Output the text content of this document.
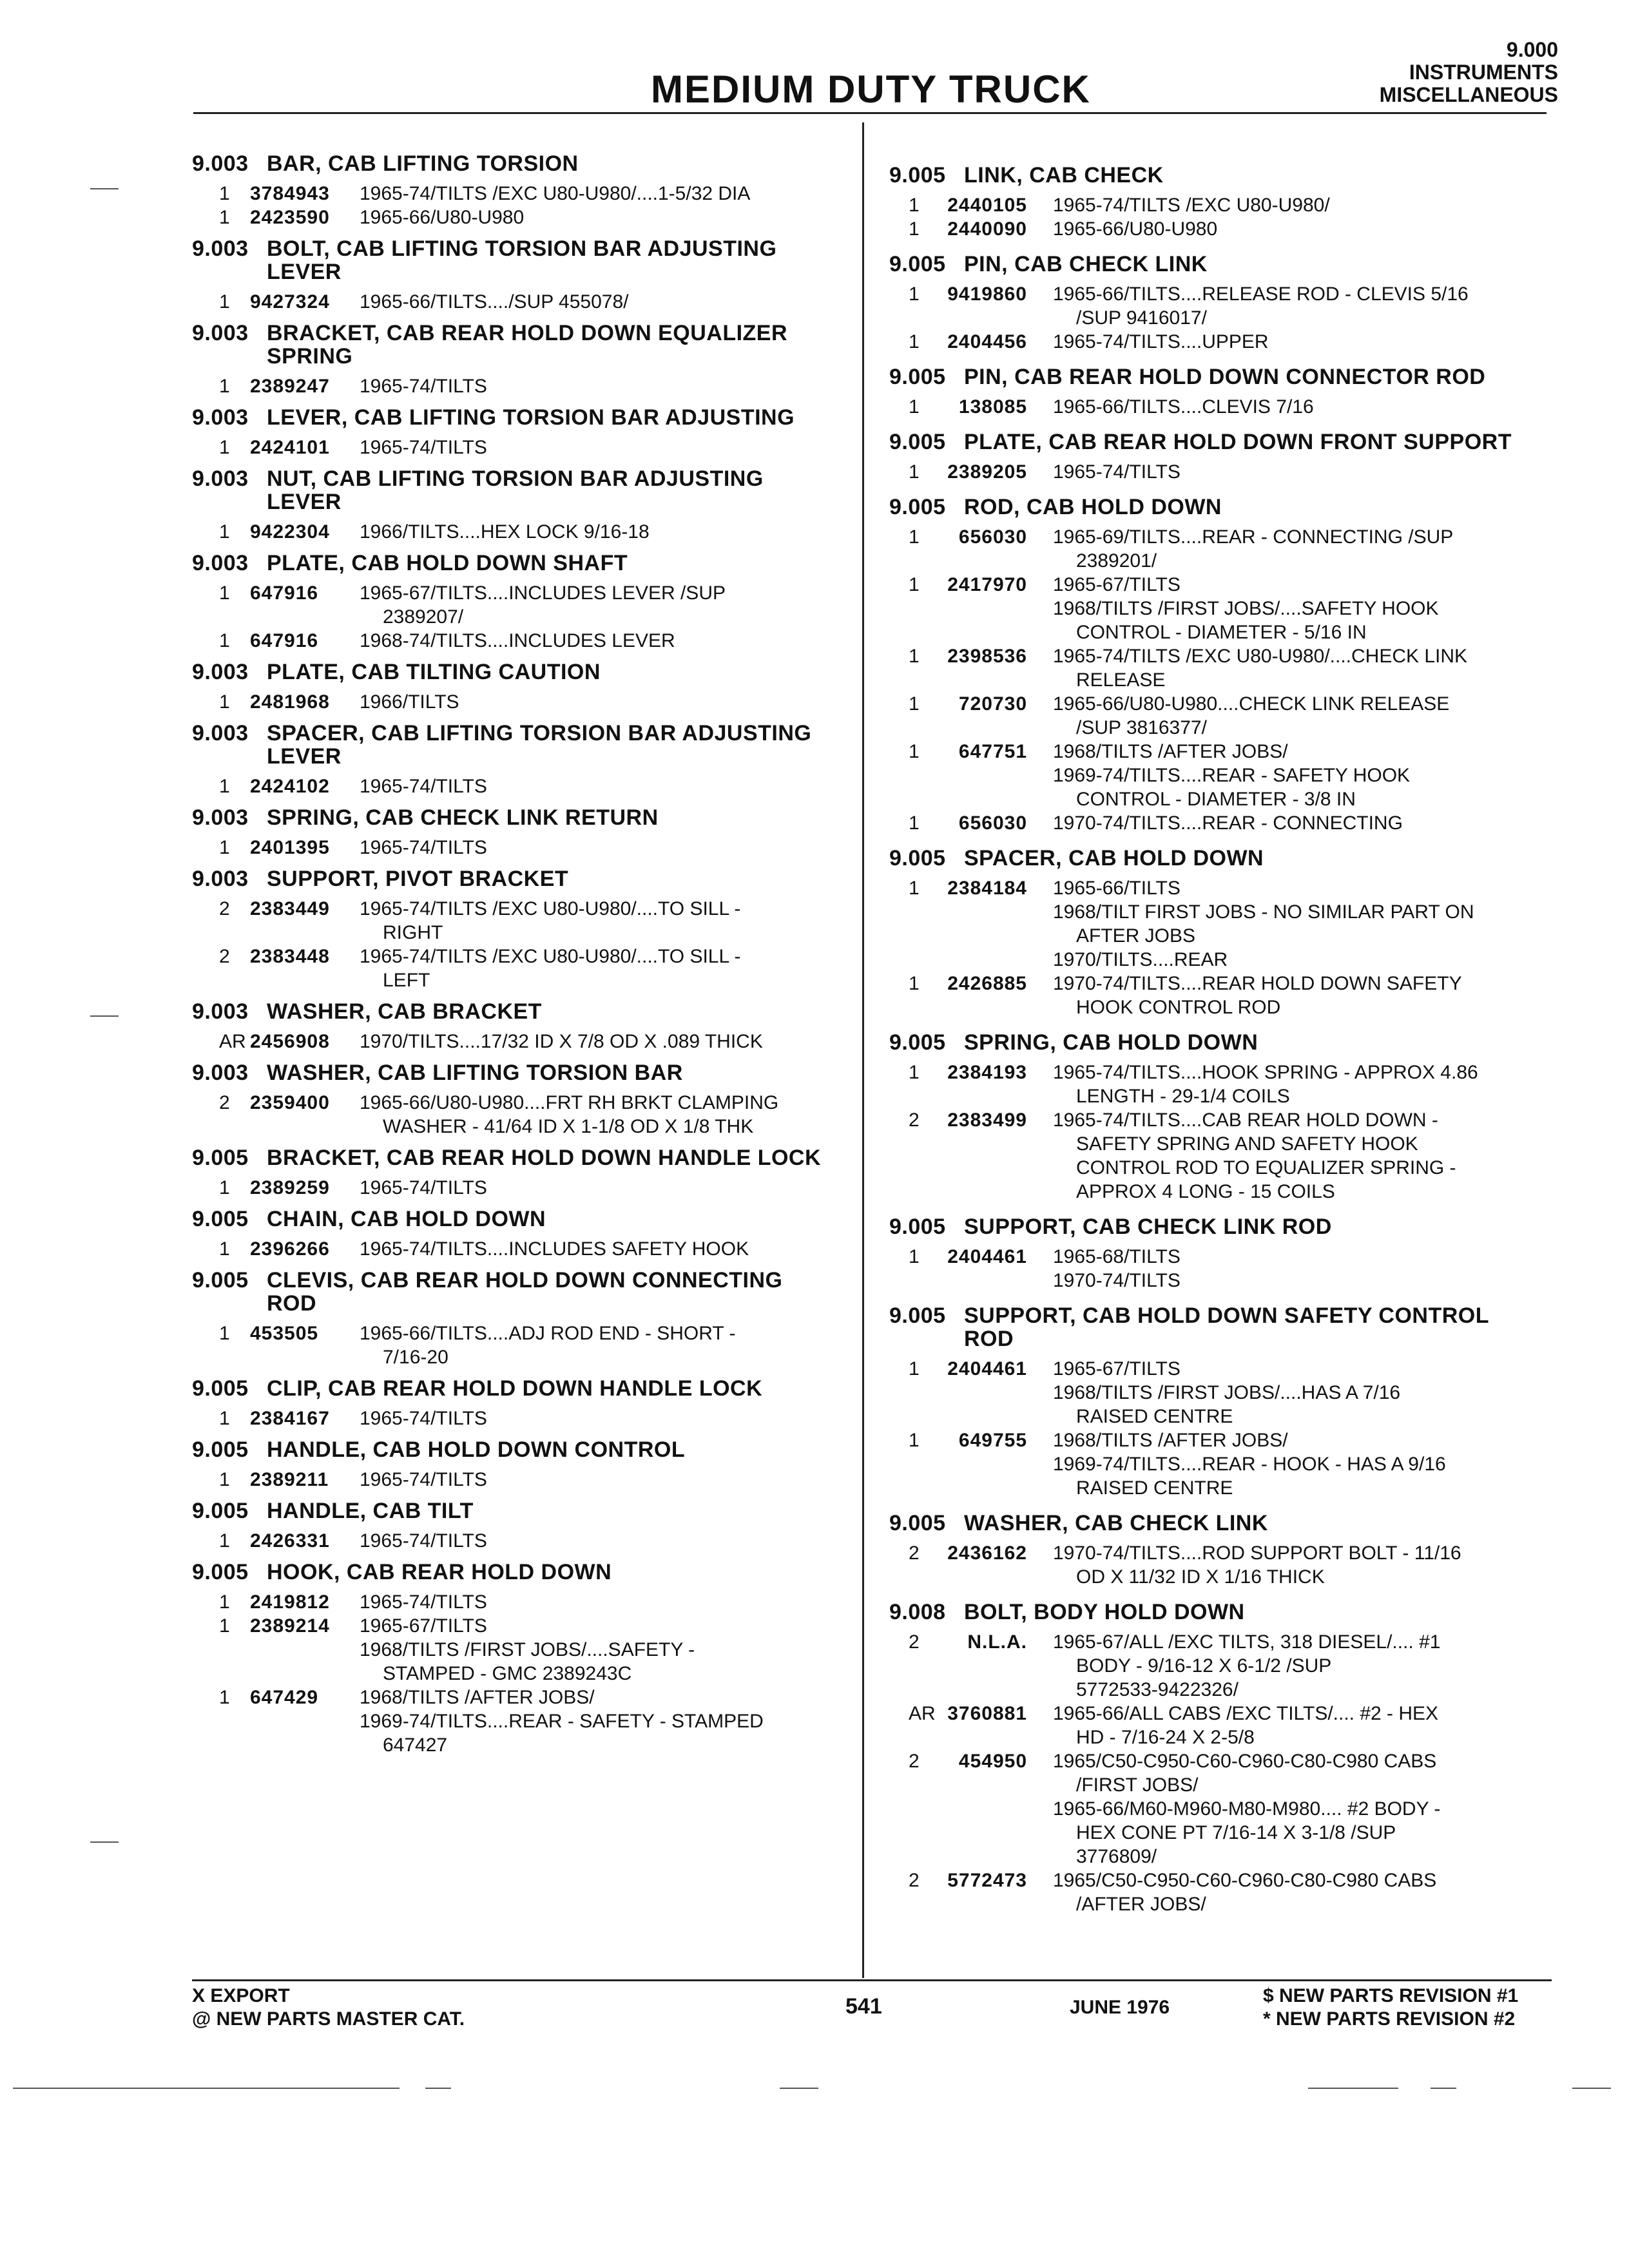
MEDIUM DUTY TRUCK
9.000
INSTRUMENTS
MISCELLANEOUS
9.003 BAR, CAB LIFTING TORSION
1	3784943	1965-74/TILTS /EXC U80-U980/....1-5/32 DIA
1	2423590	1965-66/U80-U980
9.003 BOLT, CAB LIFTING TORSION BAR ADJUSTING
LEVER
1	9427324	1965-66/TILTS..../SUP 455078/
9.003 BRACKET, CAB REAR HOLD DOWN EQUALIZER
SPRING
1	2389247	1965-74/TILTS
9.003 LEVER, CAB LIFTING TORSION BAR ADJUSTING
1	2424101	1965-74/TILTS
9.003 NUT, CAB LIFTING TORSION BAR ADJUSTING
LEVER
1	9422304	1966/TILTS....HEX LOCK 9/16-18
9.003 PLATE, CAB HOLD DOWN SHAFT
1	647916	1965-67/TILTS....INCLUDES LEVER /SUP
2389207/
1	647916	1968-74/TILTS....INCLUDES LEVER
9.003 PLATE, CAB TILTING CAUTION
1	2481968	1966/TILTS
9.003 SPACER, CAB LIFTING TORSION BAR ADJUSTING
LEVER
1	2424102	1965-74/TILTS
9.003 SPRING, CAB CHECK LINK RETURN
1	2401395	1965-74/TILTS
9.003 SUPPORT, PIVOT BRACKET
2	2383449	1965-74/TILTS /EXC U80-U980/....TO SILL -
RIGHT
2	2383448	1965-74/TILTS /EXC U80-U980/....TO SILL -
LEFT
9.003 WASHER, CAB BRACKET
AR 2456908	1970/TILTS....17/32 ID X 7/8 OD X .089 THICK
9.003 WASHER, CAB LIFTING TORSION BAR
2	2359400	1965-66/U80-U980....FRT RH BRKT CLAMPING
WASHER - 41/64 ID X 1-1/8 OD X 1/8 THK
9.005 BRACKET, CAB REAR HOLD DOWN HANDLE LOCK
1	2389259	1965-74/TILTS
9.005 CHAIN, CAB HOLD DOWN
1	2396266	1965-74/TILTS....INCLUDES SAFETY HOOK
9.005 CLEVIS, CAB REAR HOLD DOWN CONNECTING
ROD
1	453505	1965-66/TILTS....ADJ ROD END - SHORT -
7/16-20
9.005 CLIP, CAB REAR HOLD DOWN HANDLE LOCK
1	2384167	1965-74/TILTS
9.005 HANDLE, CAB HOLD DOWN CONTROL
1	2389211	1965-74/TILTS
9.005 HANDLE, CAB TILT
1	2426331	1965-74/TILTS
9.005 HOOK, CAB REAR HOLD DOWN
1	2419812	1965-74/TILTS
1	2389214	1965-67/TILTS
1968/TILTS /FIRST JOBS/....SAFETY -
STAMPED - GMC 2389243C
1	647429	1968/TILTS /AFTER JOBS/
1969-74/TILTS....REAR - SAFETY - STAMPED
647427
9.005 LINK, CAB CHECK
1	2440105	1965-74/TILTS /EXC U80-U980/
1	2440090	1965-66/U80-U980
9.005 PIN, CAB CHECK LINK
1	9419860	1965-66/TILTS....RELEASE ROD - CLEVIS 5/16
/SUP 9416017/
1	2404456	1965-74/TILTS....UPPER
9.005 PIN, CAB REAR HOLD DOWN CONNECTOR ROD
1	138085	1965-66/TILTS....CLEVIS 7/16
9.005 PLATE, CAB REAR HOLD DOWN FRONT SUPPORT
1	2389205	1965-74/TILTS
9.005 ROD, CAB HOLD DOWN
1	656030	1965-69/TILTS....REAR - CONNECTING /SUP
2389201/
1	2417970	1965-67/TILTS
1968/TILTS /FIRST JOBS/....SAFETY HOOK
CONTROL - DIAMETER - 5/16 IN
1	2398536	1965-74/TILTS /EXC U80-U980/....CHECK LINK
RELEASE
1	720730	1965-66/U80-U980....CHECK LINK RELEASE
/SUP 3816377/
1	647751	1968/TILTS /AFTER JOBS/
1969-74/TILTS....REAR - SAFETY HOOK
CONTROL - DIAMETER - 3/8 IN
1	656030	1970-74/TILTS....REAR - CONNECTING
9.005 SPACER, CAB HOLD DOWN
1	2384184	1965-66/TILTS
1968/TILT FIRST JOBS - NO SIMILAR PART ON
AFTER JOBS
1970/TILTS....REAR
1	2426885	1970-74/TILTS....REAR HOLD DOWN SAFETY
HOOK CONTROL ROD
9.005 SPRING, CAB HOLD DOWN
1	2384193	1965-74/TILTS....HOOK SPRING - APPROX 4.86
LENGTH - 29-1/4 COILS
2	2383499	1965-74/TILTS....CAB REAR HOLD DOWN -
SAFETY SPRING AND SAFETY HOOK
CONTROL ROD TO EQUALIZER SPRING -
APPROX 4 LONG - 15 COILS
9.005 SUPPORT, CAB CHECK LINK ROD
1	2404461	1965-68/TILTS
1970-74/TILTS
9.005 SUPPORT, CAB HOLD DOWN SAFETY CONTROL
ROD
1	2404461	1965-67/TILTS
1968/TILTS /FIRST JOBS/....HAS A 7/16
RAISED CENTRE
1	649755	1968/TILTS /AFTER JOBS/
1969-74/TILTS....REAR - HOOK - HAS A 9/16
RAISED CENTRE
9.005 WASHER, CAB CHECK LINK
2	2436162	1970-74/TILTS....ROD SUPPORT BOLT - 11/16
OD X 11/32 ID X 1/16 THICK
9.008 BOLT, BODY HOLD DOWN
2	N.L.A.	1965-67/ALL /EXC TILTS, 318 DIESEL/.... #1
BODY - 9/16-12 X 6-1/2 /SUP
5772533-9422326/
AR 3760881	1965-66/ALL CABS /EXC TILTS/.... #2 - HEX
HD - 7/16-24 X 2-5/8
2	454950	1965/C50-C950-C60-C960-C80-C980 CABS
/FIRST JOBS/
1965-66/M60-M960-M80-M980.... #2 BODY -
HEX CONE PT 7/16-14 X 3-1/8 /SUP
3776809/
2	5772473	1965/C50-C950-C60-C960-C80-C980 CABS
/AFTER JOBS/
X EXPORT
@ NEW PARTS MASTER CAT.
541	JUNE 1976
$ NEW PARTS REVISION #1
* NEW PARTS REVISION #2
